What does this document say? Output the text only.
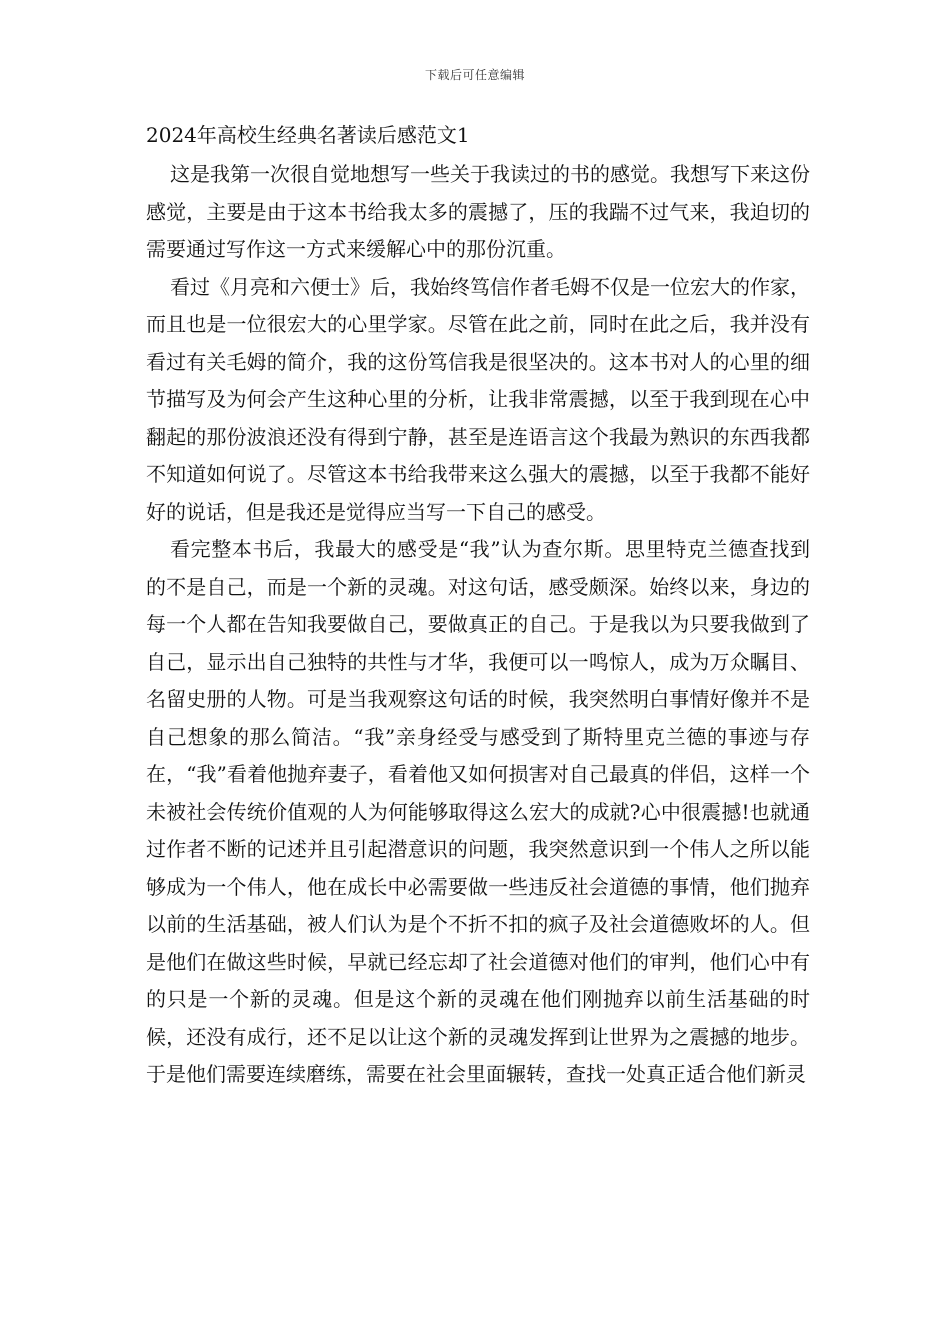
下载后可任意编辑
2024年高校生经典名著读后感范文1

这是我第一次很自觉地想写一些关于我读过的书的感觉。我想写下来这份感觉，主要是由于这本书给我太多的震撼了，压的我踹不过气来，我迫切的需要通过写作这一方式来缓解心中的那份沉重。

看过《月亮和六便士》后，我始终笃信作者毛姆不仅是一位宏大的作家，而且也是一位很宏大的心里学家。尽管在此之前，同时在此之后，我并没有看过有关毛姆的简介，我的这份笃信我是很坚决的。这本书对人的心里的细节描写及为何会产生这种心里的分析，让我非常震撼，以至于我到现在心中翻起的那份波浪还没有得到宁静，甚至是连语言这个我最为熟识的东西我都不知道如何说了。尽管这本书给我带来这么强大的震撼，以至于我都不能好好的说话，但是我还是觉得应当写一下自己的感受。

看完整本书后，我最大的感受是“我”认为查尔斯。思里特克兰德查找到的不是自己，而是一个新的灵魂。对这句话，感受颇深。始终以来，身边的每一个人都在告知我要做自己，要做真正的自己。于是我以为只要我做到了自己，显示出自己独特的共性与才华，我便可以一鸣惊人，成为万众瞩目、名留史册的人物。可是当我观察这句话的时候，我突然明白事情好像并不是自己想象的那么简洁。“我”亲身经受与感受到了斯特里克兰德的事迹与存在，“我”看着他抛弃妻子，看着他又如何损害对自己最真的伴侣，这样一个未被社会传统价值观的人为何能够取得这么宏大的成就?心中很震撼!也就通过作者不断的记述并且引起潜意识的问题，我突然意识到一个伟人之所以能够成为一个伟人，他在成长中必需要做一些违反社会道德的事情，他们抛弃以前的生活基础，被人们认为是个不折不扣的疯子及社会道德败坏的人。但是他们在做这些时候，早就已经忘却了社会道德对他们的审判，他们心中有的只是一个新的灵魂。但是这个新的灵魂在他们刚抛弃以前生活基础的时候，还没有成行，还不足以让这个新的灵魂发挥到让世界为之震撼的地步。于是他们需要连续磨练，需要在社会里面辗转，查找一处真正适合他们新灵
